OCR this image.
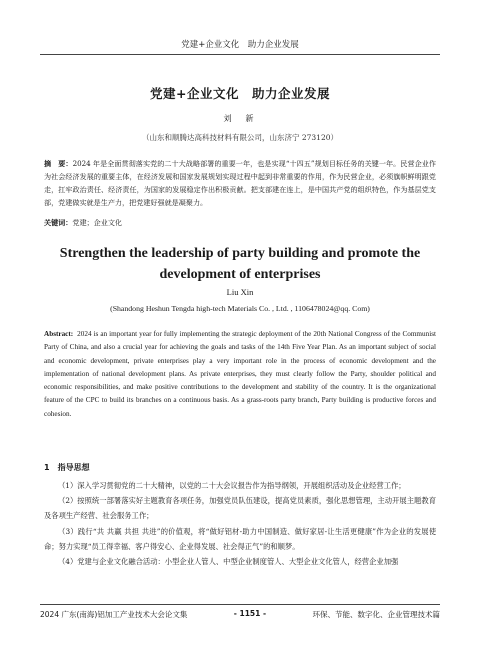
党建+企业文化　助力企业发展
党建+企业文化　助力企业发展
刘　新
（山东和顺腾达高科技材料有限公司，山东济宁 273120）
摘　要：2024 年是全面贯彻落实党的二十大战略部署的重要一年，也是实现“十四五”规划目标任务的关键一年。民营企业作为社会经济发展的重要主体，在经济发展和国家发展规划实现过程中起到非常重要的作用，作为民营企业，必须旗帜鲜明跟党走，扛牢政治责任、经济责任，为国家的发展稳定作出积极贡献。把支部建在连上，是中国共产党的组织特色，作为基层党支部，党建做实就是生产力，把党建好强就是凝聚力。
关键词：党建；企业文化
Strengthen the leadership of party building and promote the development of enterprises
Liu Xin
(Shandong Heshun Tengda high-tech Materials Co. , Ltd. , 1106478024@qq. Com)
Abstract: 2024 is an important year for fully implementing the strategic deployment of the 20th National Congress of the Communist Party of China, and also a crucial year for achieving the goals and tasks of the 14th Five Year Plan. As an important subject of social and economic development, private enterprises play a very important role in the process of economic development and the implementation of national development plans. As private enterprises, they must clearly follow the Party, shoulder political and economic responsibilities, and make positive contributions to the development and stability of the country. It is the organizational feature of the CPC to build its branches on a continuous basis. As a grass-roots party branch, Party building is productive forces and cohesion.
1　指导思想

（1）深入学习贯彻党的二十大精神，以党的二十大会议报告作为指导纲领，开展组织活动及企业经营工作；

（2）按照统一部署落实好主题教育各项任务，加强党员队伍建设，提高党员素质，强化思想管理，主动开展主题教育及各项生产经营、社会服务工作；

（3）践行“共 共赢 共担 共进”的价值观，将“做好铝材-助力中国制造、做好家居-让生活更健康”作为企业的发展使命；努力实现“员工得幸福、客户得安心、企业得发展、社会得正气”的和顺梦。

（4）党建与企业文化融合活动：小型企业人管人、中型企业制度管人、大型企业文化管人，经营企业加强

2024 广东(南海)铝加工产业技术大会论文集	- 1151 -	环保、节能、数字化、企业管理技术篇
